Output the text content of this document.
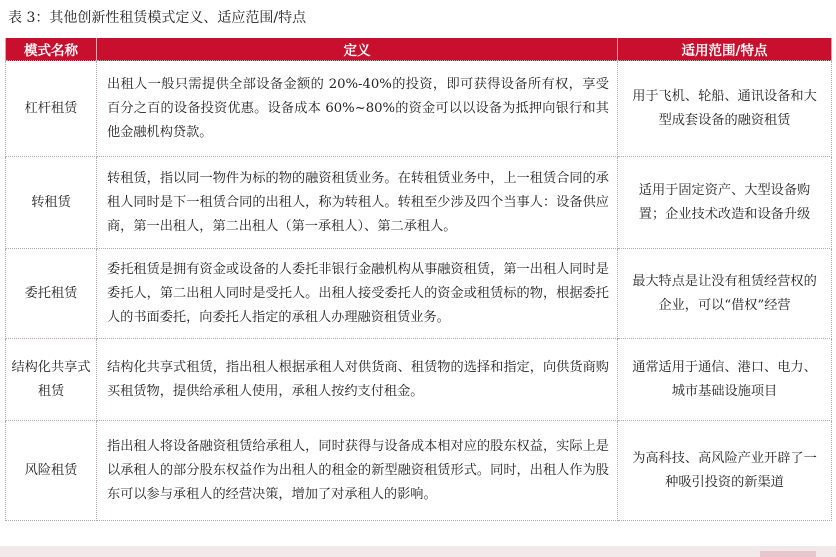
表 3：其他创新性租赁模式定义、适应范围/特点
模式名称	定义	适用范围/特点
杠杆租赁	出租人一般只需提供全部设备金额的 20%-40%的投资，即可获得设备所有权，享受百分之百的设备投资优惠。设备成本 60%~80%的资金可以以设备为抵押向银行和其他金融机构贷款。	用于飞机、轮船、通讯设备和大型成套设备的融资租赁
转租赁	转租赁，指以同一物件为标的物的融资租赁业务。在转租赁业务中，上一租赁合同的承租人同时是下一租赁合同的出租人，称为转租人。转租至少涉及四个当事人：设备供应商，第一出租人，第二出租人（第一承租人）、第二承租人。	适用于固定资产、大型设备购置；企业技术改造和设备升级
委托租赁	委托租赁是拥有资金或设备的人委托非银行金融机构从事融资租赁，第一出租人同时是委托人，第二出租人同时是受托人。出租人接受委托人的资金或租赁标的物，根据委托人的书面委托，向委托人指定的承租人办理融资租赁业务。	最大特点是让没有租赁经营权的企业，可以“借权”经营
结构化共享式租赁	结构化共享式租赁，指出租人根据承租人对供货商、租赁物的选择和指定，向供货商购买租赁物，提供给承租人使用，承租人按约支付租金。	通常适用于通信、港口、电力、城市基础设施项目
风险租赁	指出租人将设备融资租赁给承租人，同时获得与设备成本相对应的股东权益，实际上是以承租人的部分股东权益作为出租人的租金的新型融资租赁形式。同时，出租人作为股东可以参与承租人的经营决策，增加了对承租人的影响。	为高科技、高风险产业开辟了一种吸引投资的新渠道
